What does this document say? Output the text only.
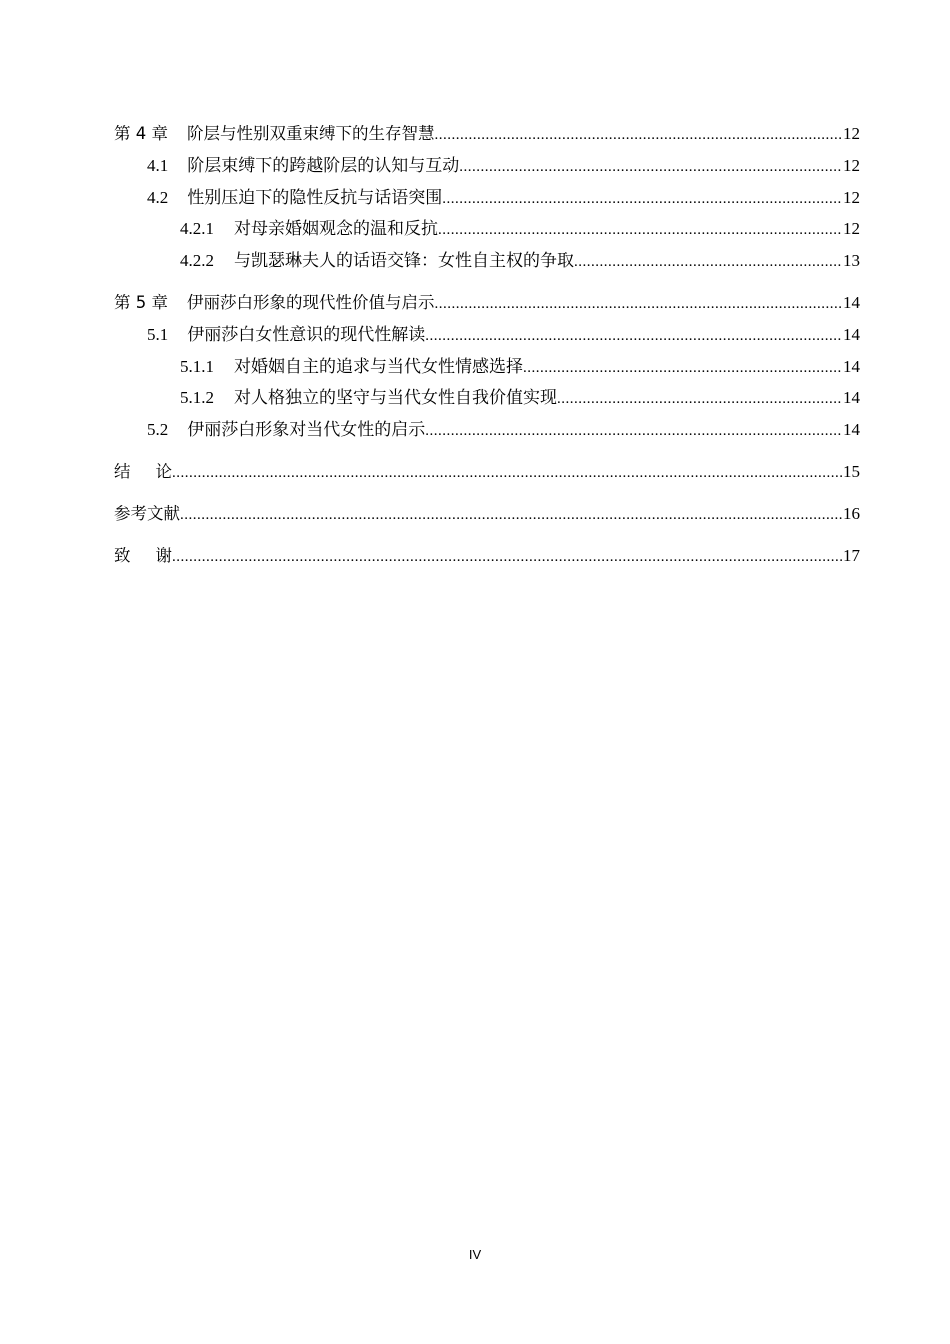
第 4 章 阶层与性别双重束缚下的生存智慧 .....	12
4.1 阶层束缚下的跨越阶层的认知与互动 .....	12
4.2 性别压迫下的隐性反抗与话语突围 .....	12
4.2.1 对母亲婚姻观念的温和反抗 .....	12
4.2.2 与凯瑟琳夫人的话语交锋：女性自主权的争取 .....	13
第 5 章 伊丽莎白形象的现代性价值与启示 .....	14
5.1 伊丽莎白女性意识的现代性解读 .....	14
5.1.1 对婚姻自主的追求与当代女性情感选择 .....	14
5.1.2 对人格独立的坚守与当代女性自我价值实现 .....	14
5.2 伊丽莎白形象对当代女性的启示 .....	14
结 论 .....	15
参考文献 .....	16
致 谢 .....	17
IV
